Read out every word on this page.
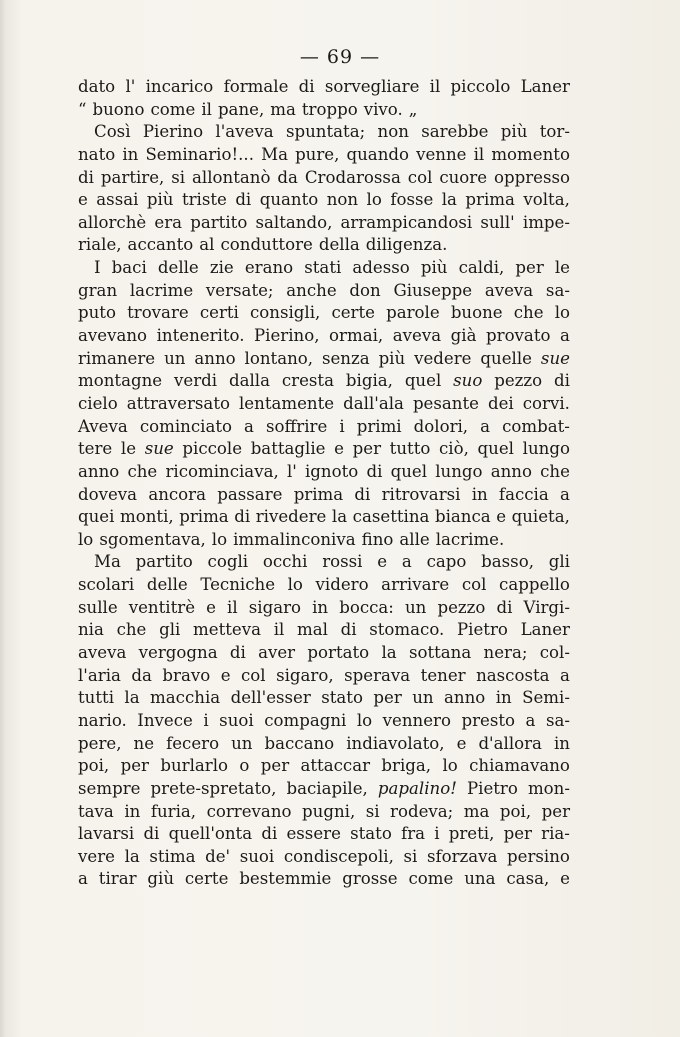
— 69 —
dato l' incarico formale di sorvegliare il piccolo Laner
“ buono come il pane, ma troppo vivo. „
Così Pierino l'aveva spuntata; non sarebbe più tor-
nato in Seminario!... Ma pure, quando venne il momento
di partire, si allontanò da Crodarossa col cuore oppresso
e assai più triste di quanto non lo fosse la prima volta,
allorchè era partito saltando, arrampicandosi sull' impe-
riale, accanto al conduttore della diligenza.
I baci delle zie erano stati adesso più caldi, per le
gran lacrime versate; anche don Giuseppe aveva sa-
puto trovare certi consigli, certe parole buone che lo
avevano intenerito. Pierino, ormai, aveva già provato a
rimanere un anno lontano, senza più vedere quelle sue
montagne verdi dalla cresta bigia, quel suo pezzo di
cielo attraversato lentamente dall'ala pesante dei corvi.
Aveva cominciato a soffrire i primi dolori, a combat-
tere le sue piccole battaglie e per tutto ciò, quel lungo
anno che ricominciava, l' ignoto di quel lungo anno che
doveva ancora passare prima di ritrovarsi in faccia a
quei monti, prima di rivedere la casettina bianca e quieta,
lo sgomentava, lo immalinconiva fino alle lacrime.
Ma partito cogli occhi rossi e a capo basso, gli
scolari delle Tecniche lo videro arrivare col cappello
sulle ventitrè e il sigaro in bocca: un pezzo di Virgi-
nia che gli metteva il mal di stomaco. Pietro Laner
aveva vergogna di aver portato la sottana nera; col-
l'aria da bravo e col sigaro, sperava tener nascosta a
tutti la macchia dell'esser stato per un anno in Semi-
nario. Invece i suoi compagni lo vennero presto a sa-
pere, ne fecero un baccano indiavolato, e d'allora in
poi, per burlarlo o per attaccar briga, lo chiamavano
sempre prete-spretato, baciapile, papalino! Pietro mon-
tava in furia, correvano pugni, si rodeva; ma poi, per
lavarsi di quell'onta di essere stato fra i preti, per ria-
vere la stima de' suoi condiscepoli, si sforzava persino
a tirar giù certe bestemmie grosse come una casa, e
